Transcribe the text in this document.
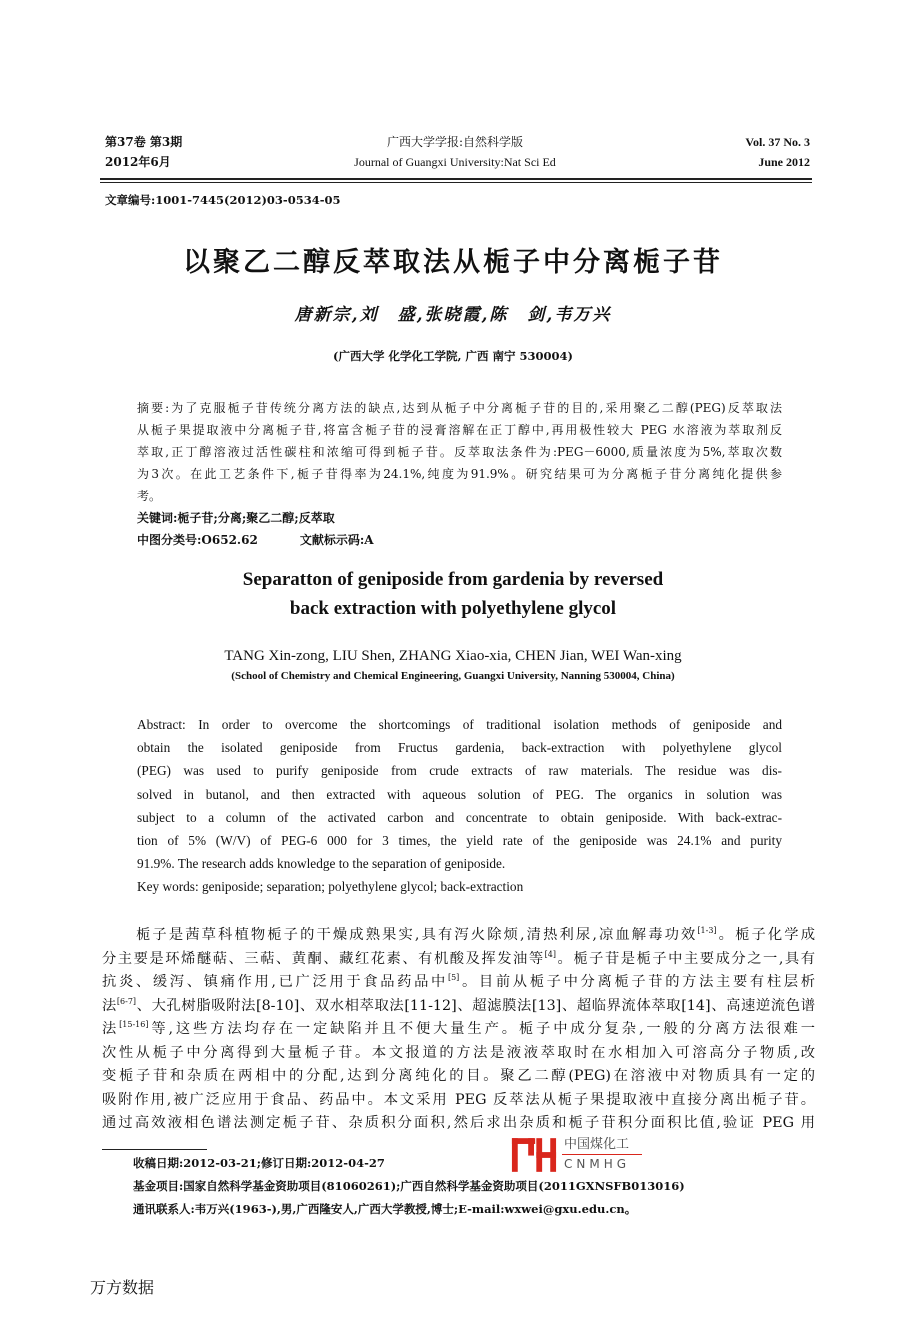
第37卷 第3期
2012年6月
广西大学学报:自然科学版
Journal of Guangxi University:Nat Sci Ed
Vol. 37 No. 3
June 2012
文章编号:1001-7445(2012)03-0534-05
以聚乙二醇反萃取法从栀子中分离栀子苷
唐新宗,刘　盛,张晓霞,陈　剑,韦万兴
(广西大学 化学化工学院, 广西 南宁 530004)
摘要:为了克服栀子苷传统分离方法的缺点,达到从栀子中分离栀子苷的目的,采用聚乙二醇(PEG)反萃取法
从栀子果提取液中分离栀子苷,将富含栀子苷的浸膏溶解在正丁醇中,再用极性较大 PEG 水溶液为萃取剂反
萃取,正丁醇溶液过活性碳柱和浓缩可得到栀子苷。反萃取法条件为:PEG－6000,质量浓度为5%,萃取次数
为3次。在此工艺条件下,栀子苷得率为24.1%,纯度为91.9%。研究结果可为分离栀子苷分离纯化提供参
考。
关键词:栀子苷;分离;聚乙二醇;反萃取
中图分类号:O652.62	文献标示码:A
Separatton of geniposide from gardenia by reversed
back extraction with polyethylene glycol
TANG Xin-zong, LIU Shen, ZHANG Xiao-xia, CHEN Jian, WEI Wan-xing
(School of Chemistry and Chemical Engineering, Guangxi University, Nanning 530004, China)
Abstract: In order to overcome the shortcomings of traditional isolation methods of geniposide and
obtain the isolated geniposide from Fructus gardenia, back-extraction with polyethylene glycol
(PEG) was used to purify geniposide from crude extracts of raw materials. The residue was dis-
solved in butanol, and then extracted with aqueous solution of PEG. The organics in solution was
subject to a column of the activated carbon and concentrate to obtain geniposide. With back-extrac-
tion of 5% (W/V) of PEG-6 000 for 3 times, the yield rate of the geniposide was 24.1% and purity
91.9%. The research adds knowledge to the separation of geniposide.
Key words: geniposide; separation; polyethylene glycol; back-extraction
栀子是茜草科植物栀子的干燥成熟果实,具有泻火除烦,清热利尿,凉血解毒功效[1-3]。栀子化学成
分主要是环烯醚萜、三萜、黄酮、藏红花素、有机酸及挥发油等[4]。栀子苷是栀子中主要成分之一,具有
抗炎、缓泻、镇痛作用,已广泛用于食品药品中[5]。目前从栀子中分离栀子苷的方法主要有柱层析
法[6-7]、大孔树脂吸附法[8-10]、双水相萃取法[11-12]、超滤膜法[13]、超临界流体萃取[14]、高速逆流色谱
法[15-16]等,这些方法均存在一定缺陷并且不便大量生产。栀子中成分复杂,一般的分离方法很难一
次性从栀子中分离得到大量栀子苷。本文报道的方法是液液萃取时在水相加入可溶高分子物质,改
变栀子苷和杂质在两相中的分配,达到分离纯化的目。聚乙二醇(PEG)在溶液中对物质具有一定的
吸附作用,被广泛应用于食品、药品中。本文采用 PEG 反萃法从栀子果提取液中直接分离出栀子苷。
通过高效液相色谱法测定栀子苷、杂质积分面积,然后求出杂质和栀子苷积分面积比值,验证 PEG 用
收稿日期:2012-03-21;修订日期:2012-04-27
基金项目:国家自然科学基金资助项目(81060261);广西自然科学基金资助项目(2011GXNSFB013016)
通讯联系人:韦万兴(1963-),男,广西隆安人,广西大学教授,博士;E-mail:wxwei@gxu.edu.cn。
中国煤化工
CNMHG
万方数据
